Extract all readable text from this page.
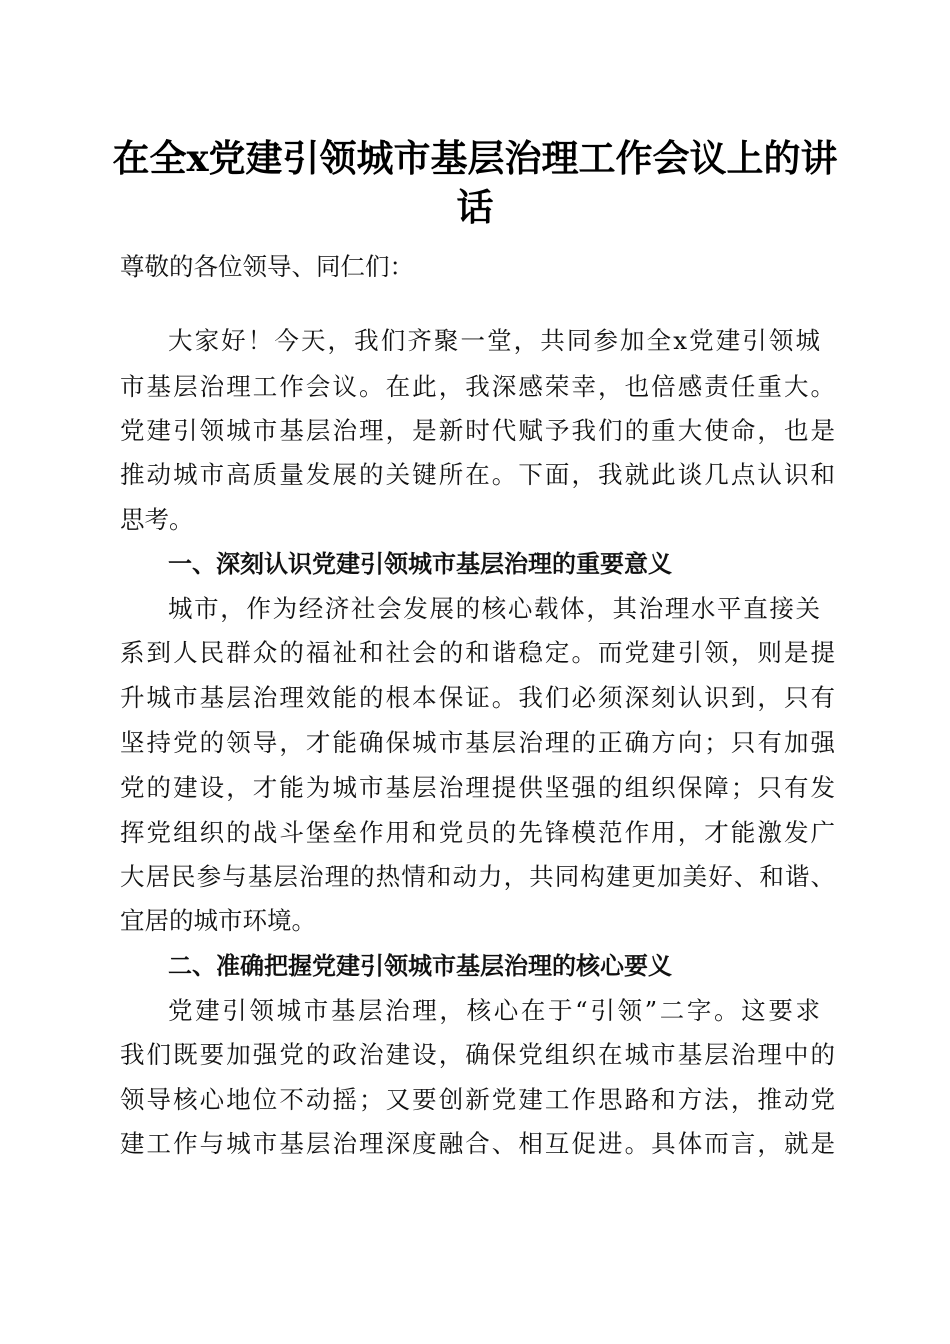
在全x党建引领城市基层治理工作会议上的讲
话
尊敬的各位领导、同仁们：
大家好！今天，我们齐聚一堂，共同参加全x党建引领城
市基层治理工作会议。在此，我深感荣幸，也倍感责任重大。
党建引领城市基层治理，是新时代赋予我们的重大使命，也是
推动城市高质量发展的关键所在。下面，我就此谈几点认识和
思考。
一、深刻认识党建引领城市基层治理的重要意义
城市，作为经济社会发展的核心载体，其治理水平直接关
系到人民群众的福祉和社会的和谐稳定。而党建引领，则是提
升城市基层治理效能的根本保证。我们必须深刻认识到，只有
坚持党的领导，才能确保城市基层治理的正确方向；只有加强
党的建设，才能为城市基层治理提供坚强的组织保障；只有发
挥党组织的战斗堡垒作用和党员的先锋模范作用，才能激发广
大居民参与基层治理的热情和动力，共同构建更加美好、和谐、
宜居的城市环境。
二、准确把握党建引领城市基层治理的核心要义
党建引领城市基层治理，核心在于“引领”二字。这要求
我们既要加强党的政治建设，确保党组织在城市基层治理中的
领导核心地位不动摇；又要创新党建工作思路和方法，推动党
建工作与城市基层治理深度融合、相互促进。具体而言，就是
